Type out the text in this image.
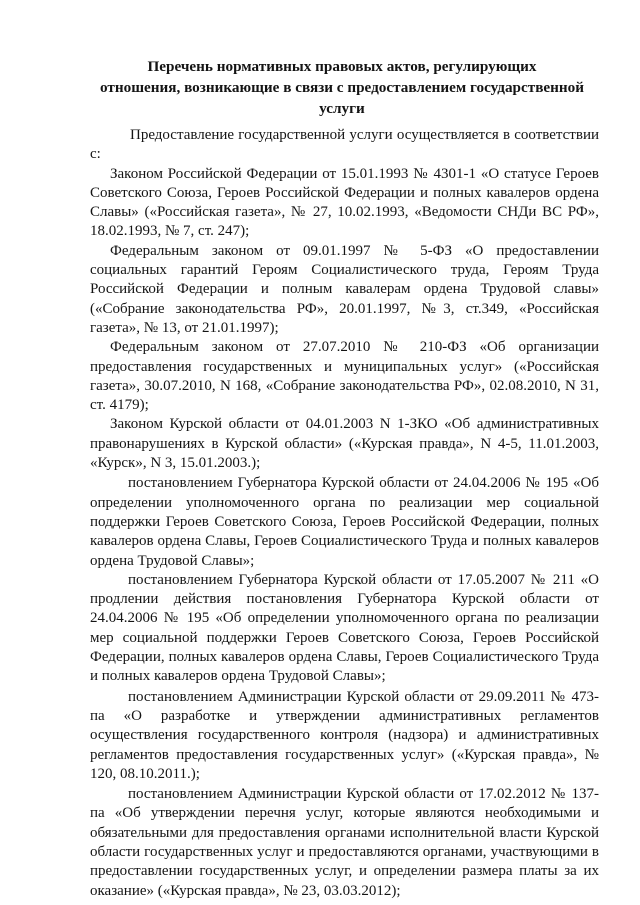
Перечень нормативных правовых актов, регулирующих
отношения, возникающие в связи с предоставлением государственной
услуги

Предоставление государственной услуги осуществляется в соответствии с:

Законом Российской Федерации от 15.01.1993 № 4301-1 «О статусе Героев Советского Союза, Героев Российской Федерации и полных кавалеров ордена Славы» («Российская газета», № 27, 10.02.1993, «Ведомости СНДи ВС РФ», 18.02.1993, № 7, ст. 247);

Федеральным законом от 09.01.1997 № 5-ФЗ «О предоставлении социальных гарантий Героям Социалистического труда, Героям Труда Российской Федерации и полным кавалерам ордена Трудовой славы» («Собрание законодательства РФ», 20.01.1997, №3, ст.349, «Российская газета», № 13, от 21.01.1997);

Федеральным законом от 27.07.2010 № 210-ФЗ «Об организации предоставления государственных и муниципальных услуг» («Российская газета», 30.07.2010, N 168, «Собрание законодательства РФ», 02.08.2010, N 31, ст. 4179);

Законом Курской области от 04.01.2003 N 1-ЗКО «Об административных правонарушениях в Курской области» («Курская правда», N 4-5, 11.01.2003, «Курск», N 3, 15.01.2003.);

постановлением Губернатора Курской области от 24.04.2006 № 195 «Об определении уполномоченного органа по реализации мер социальной поддержки Героев Советского Союза, Героев Российской Федерации, полных кавалеров ордена Славы, Героев Социалистического Труда и полных кавалеров ордена Трудовой Славы»;

постановлением Губернатора Курской области от 17.05.2007 № 211 «О продлении действия постановления Губернатора Курской области от 24.04.2006 № 195 «Об определении уполномоченного органа по реализации мер социальной поддержки Героев Советского Союза, Героев Российской Федерации, полных кавалеров ордена Славы, Героев Социалистического Труда и полных кавалеров ордена Трудовой Славы»;

постановлением Администрации Курской области от 29.09.2011 № 473-па «О разработке и утверждении административных регламентов осуществления государственного контроля (надзора) и административных регламентов предоставления государственных услуг» («Курская правда», № 120, 08.10.2011.);

постановлением Администрации Курской области от 17.02.2012 № 137-па «Об утверждении перечня услуг, которые являются необходимыми и обязательными для предоставления органами исполнительной власти Курской области государственных услуг и предоставляются органами, участвующими в предоставлении государственных услуг, и определении размера платы за их оказание» («Курская правда», № 23, 03.03.2012);
